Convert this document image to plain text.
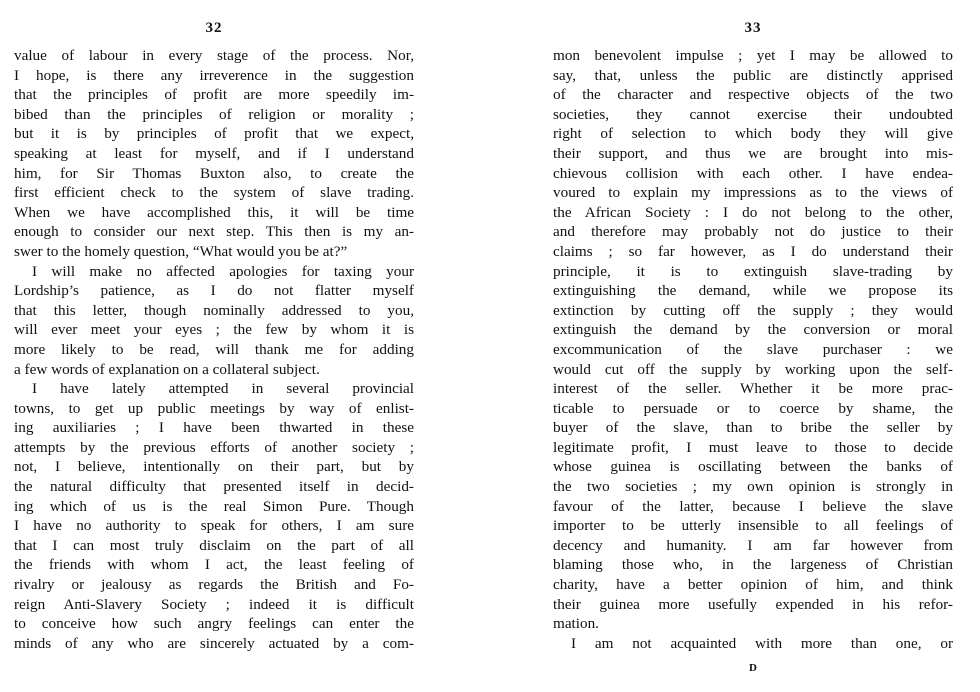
32
value of labour in every stage of the process. Nor,
I hope, is there any irreverence in the suggestion
that the principles of profit are more speedily im-
bibed than the principles of religion or morality ;
but it is by principles of profit that we expect,
speaking at least for myself, and if I understand
him, for Sir Thomas Buxton also, to create the
first efficient check to the system of slave trading.
When we have accomplished this, it will be time
enough to consider our next step. This then is my an-
swer to the homely question, “What would you be at?”
I will make no affected apologies for taxing your
Lordship’s patience, as I do not flatter myself
that this letter, though nominally addressed to you,
will ever meet your eyes ; the few by whom it is
more likely to be read, will thank me for adding
a few words of explanation on a collateral subject.
I have lately attempted in several provincial
towns, to get up public meetings by way of enlist-
ing auxiliaries ; I have been thwarted in these
attempts by the previous efforts of another society ;
not, I believe, intentionally on their part, but by
the natural difficulty that presented itself in decid-
ing which of us is the real Simon Pure. Though
I have no authority to speak for others, I am sure
that I can most truly disclaim on the part of all
the friends with whom I act, the least feeling of
rivalry or jealousy as regards the British and Fo-
reign Anti-Slavery Society ; indeed it is difficult
to conceive how such angry feelings can enter the
minds of any who are sincerely actuated by a com-
33
mon benevolent impulse ; yet I may be allowed to
say, that, unless the public are distinctly apprised
of the character and respective objects of the two
societies, they cannot exercise their undoubted
right of selection to which body they will give
their support, and thus we are brought into mis-
chievous collision with each other. I have endea-
voured to explain my impressions as to the views of
the African Society : I do not belong to the other,
and therefore may probably not do justice to their
claims ; so far however, as I do understand their
principle, it is to extinguish slave-trading by
extinguishing the demand, while we propose its
extinction by cutting off the supply ; they would
extinguish the demand by the conversion or moral
excommunication of the slave purchaser : we
would cut off the supply by working upon the self-
interest of the seller. Whether it be more prac-
ticable to persuade or to coerce by shame, the
buyer of the slave, than to bribe the seller by
legitimate profit, I must leave to those to decide
whose guinea is oscillating between the banks of
the two societies ; my own opinion is strongly in
favour of the latter, because I believe the slave
importer to be utterly insensible to all feelings of
decency and humanity. I am far however from
blaming those who, in the largeness of Christian
charity, have a better opinion of him, and think
their guinea more usefully expended in his refor-
mation.
I am not acquainted with more than one, or
D
